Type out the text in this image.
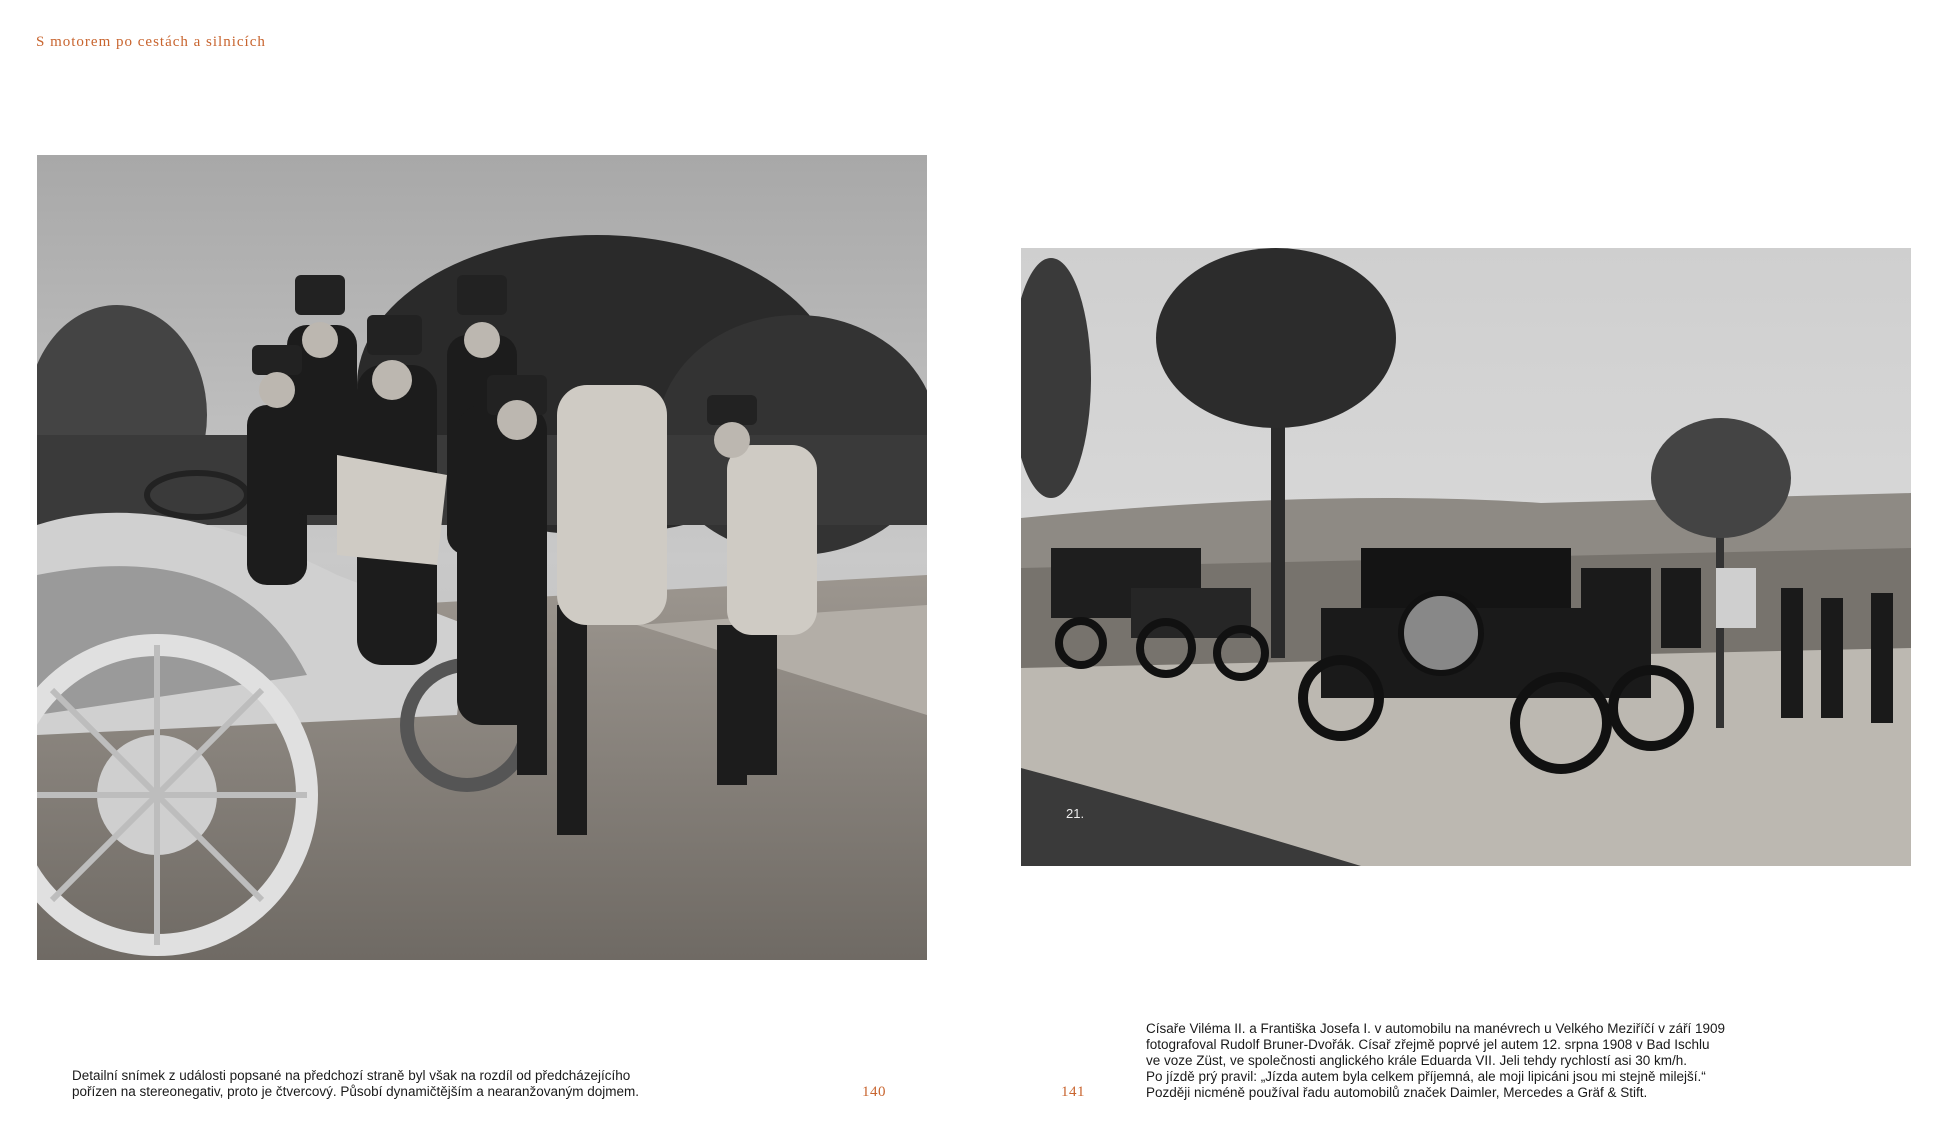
S motorem po cestách a silnicích
21.

Detailní snímek z události popsané na předchozí straně byl však na rozdíl od předcházejícího

pořízen na stereonegativ, proto je čtvercový. Působí dynamičtějším a nearanžovaným dojmem.

Císaře Viléma II. a Františka Josefa I. v automobilu na manévrech u Velkého Meziříčí v září 1909

fotografoval Rudolf Bruner-Dvořák. Císař zřejmě poprvé jel autem 12. srpna 1908 v Bad Ischlu

ve voze Züst, ve společnosti anglického krále Eduarda VII. Jeli tehdy rychlostí asi 30 km/h.

Po jízdě prý pravil: „Jízda autem byla celkem příjemná, ale moji lipicáni jsou mi stejně milejší.“

Později nicméně používal řadu automobilů značek Daimler, Mercedes a Gräf & Stift.

140	141
